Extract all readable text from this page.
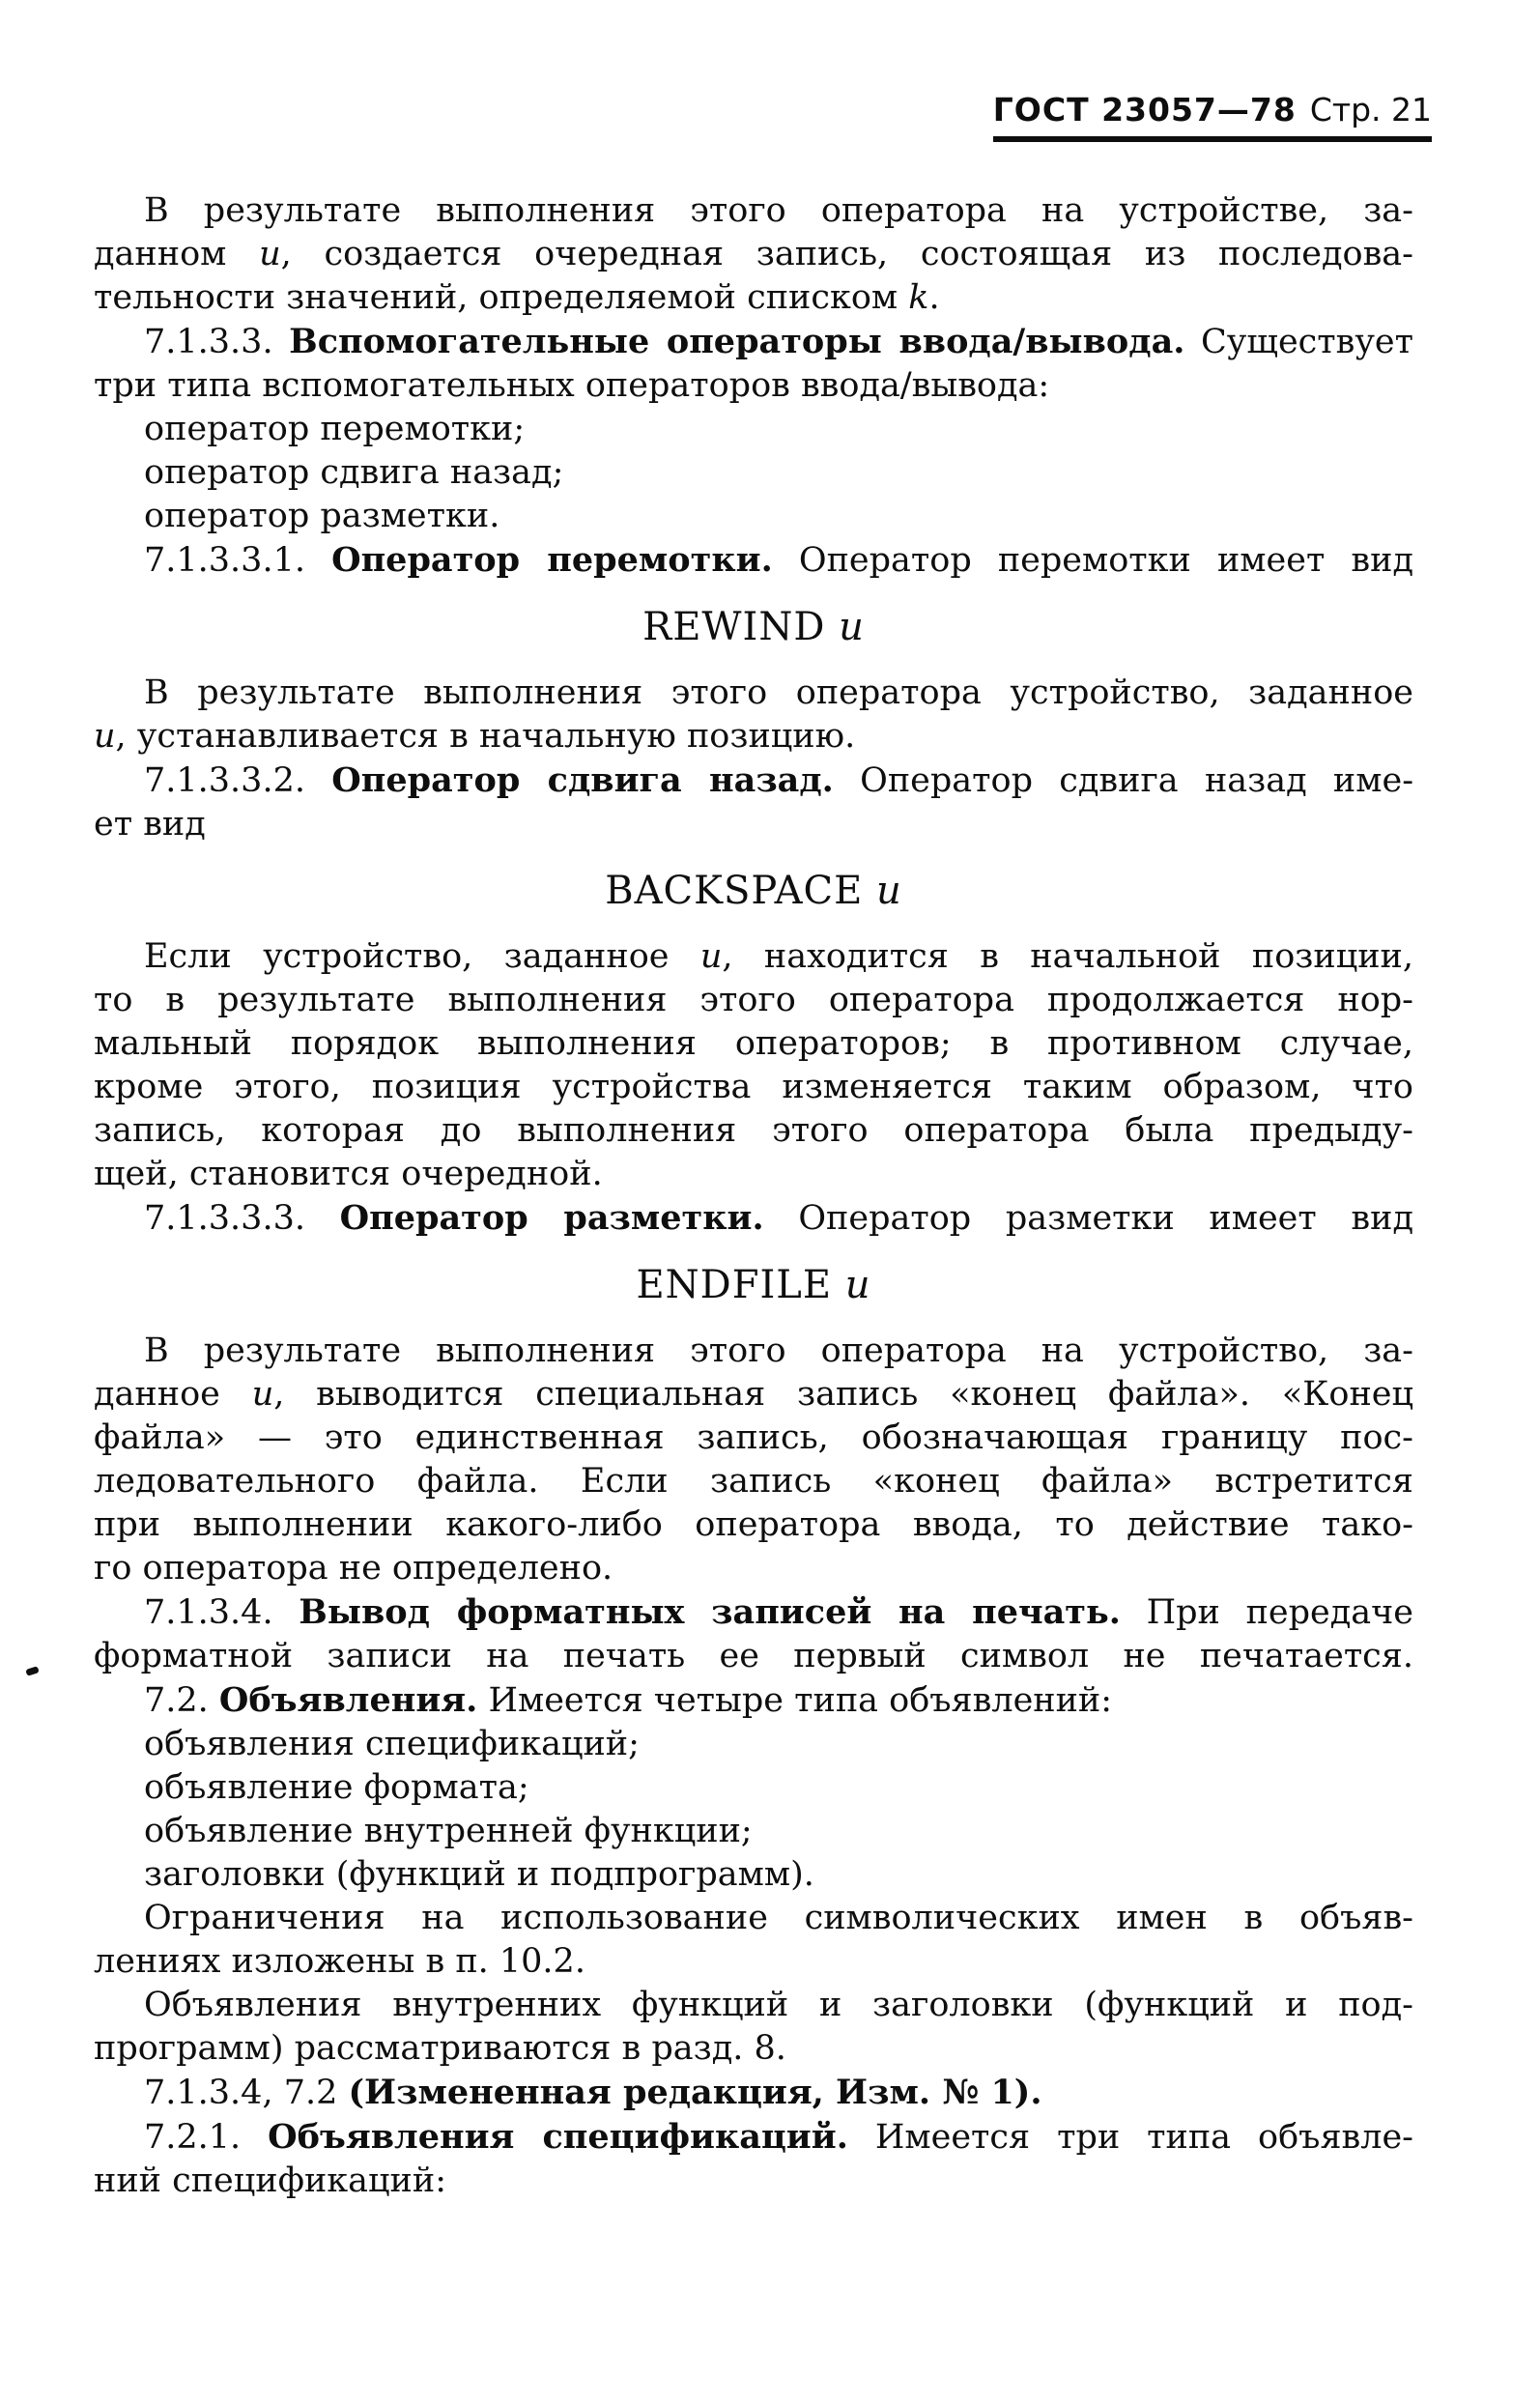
ГОСТ 23057—78 Стр. 21
В результате выполнения этого оператора на устройстве, за-
данном u, создается очередная запись, состоящая из последова-
тельности значений, определяемой списком k.
7.1.3.3. Вспомогательные операторы ввода/вывода. Существует
три типа вспомогательных операторов ввода/вывода:
оператор перемотки;
оператор сдвига назад;
оператор разметки.
7.1.3.3.1. Оператор перемотки. Оператор перемотки имеет вид
REWIND u
В результате выполнения этого оператора устройство, заданное
u, устанавливается в начальную позицию.
7.1.3.3.2. Оператор сдвига назад. Оператор сдвига назад име-
ет вид
BACKSPACE u
Если устройство, заданное u, находится в начальной позиции,
то в результате выполнения этого оператора продолжается нор-
мальный порядок выполнения операторов; в противном случае,
кроме этого, позиция устройства изменяется таким образом, что
запись, которая до выполнения этого оператора была предыду-
щей, становится очередной.
7.1.3.3.3. Оператор разметки. Оператор разметки имеет вид
ENDFILE u
В результате выполнения этого оператора на устройство, за-
данное u, выводится специальная запись «конец файла». «Конец
файла» — это единственная запись, обозначающая границу пос-
ледовательного файла. Если запись «конец файла» встретится
при выполнении какого-либо оператора ввода, то действие тако-
го оператора не определено.
7.1.3.4. Вывод форматных записей на печать. При передаче
форматной записи на печать ее первый символ не печатается.
7.2. Объявления. Имеется четыре типа объявлений:
объявления спецификаций;
объявление формата;
объявление внутренней функции;
заголовки (функций и подпрограмм).
Ограничения на использование символических имен в объяв-
лениях изложены в п. 10.2.
Объявления внутренних функций и заголовки (функций и под-
программ) рассматриваются в разд. 8.
7.1.3.4, 7.2 (Измененная редакция, Изм. № 1).
7.2.1. Объявления спецификаций. Имеется три типа объявле-
ний спецификаций:
